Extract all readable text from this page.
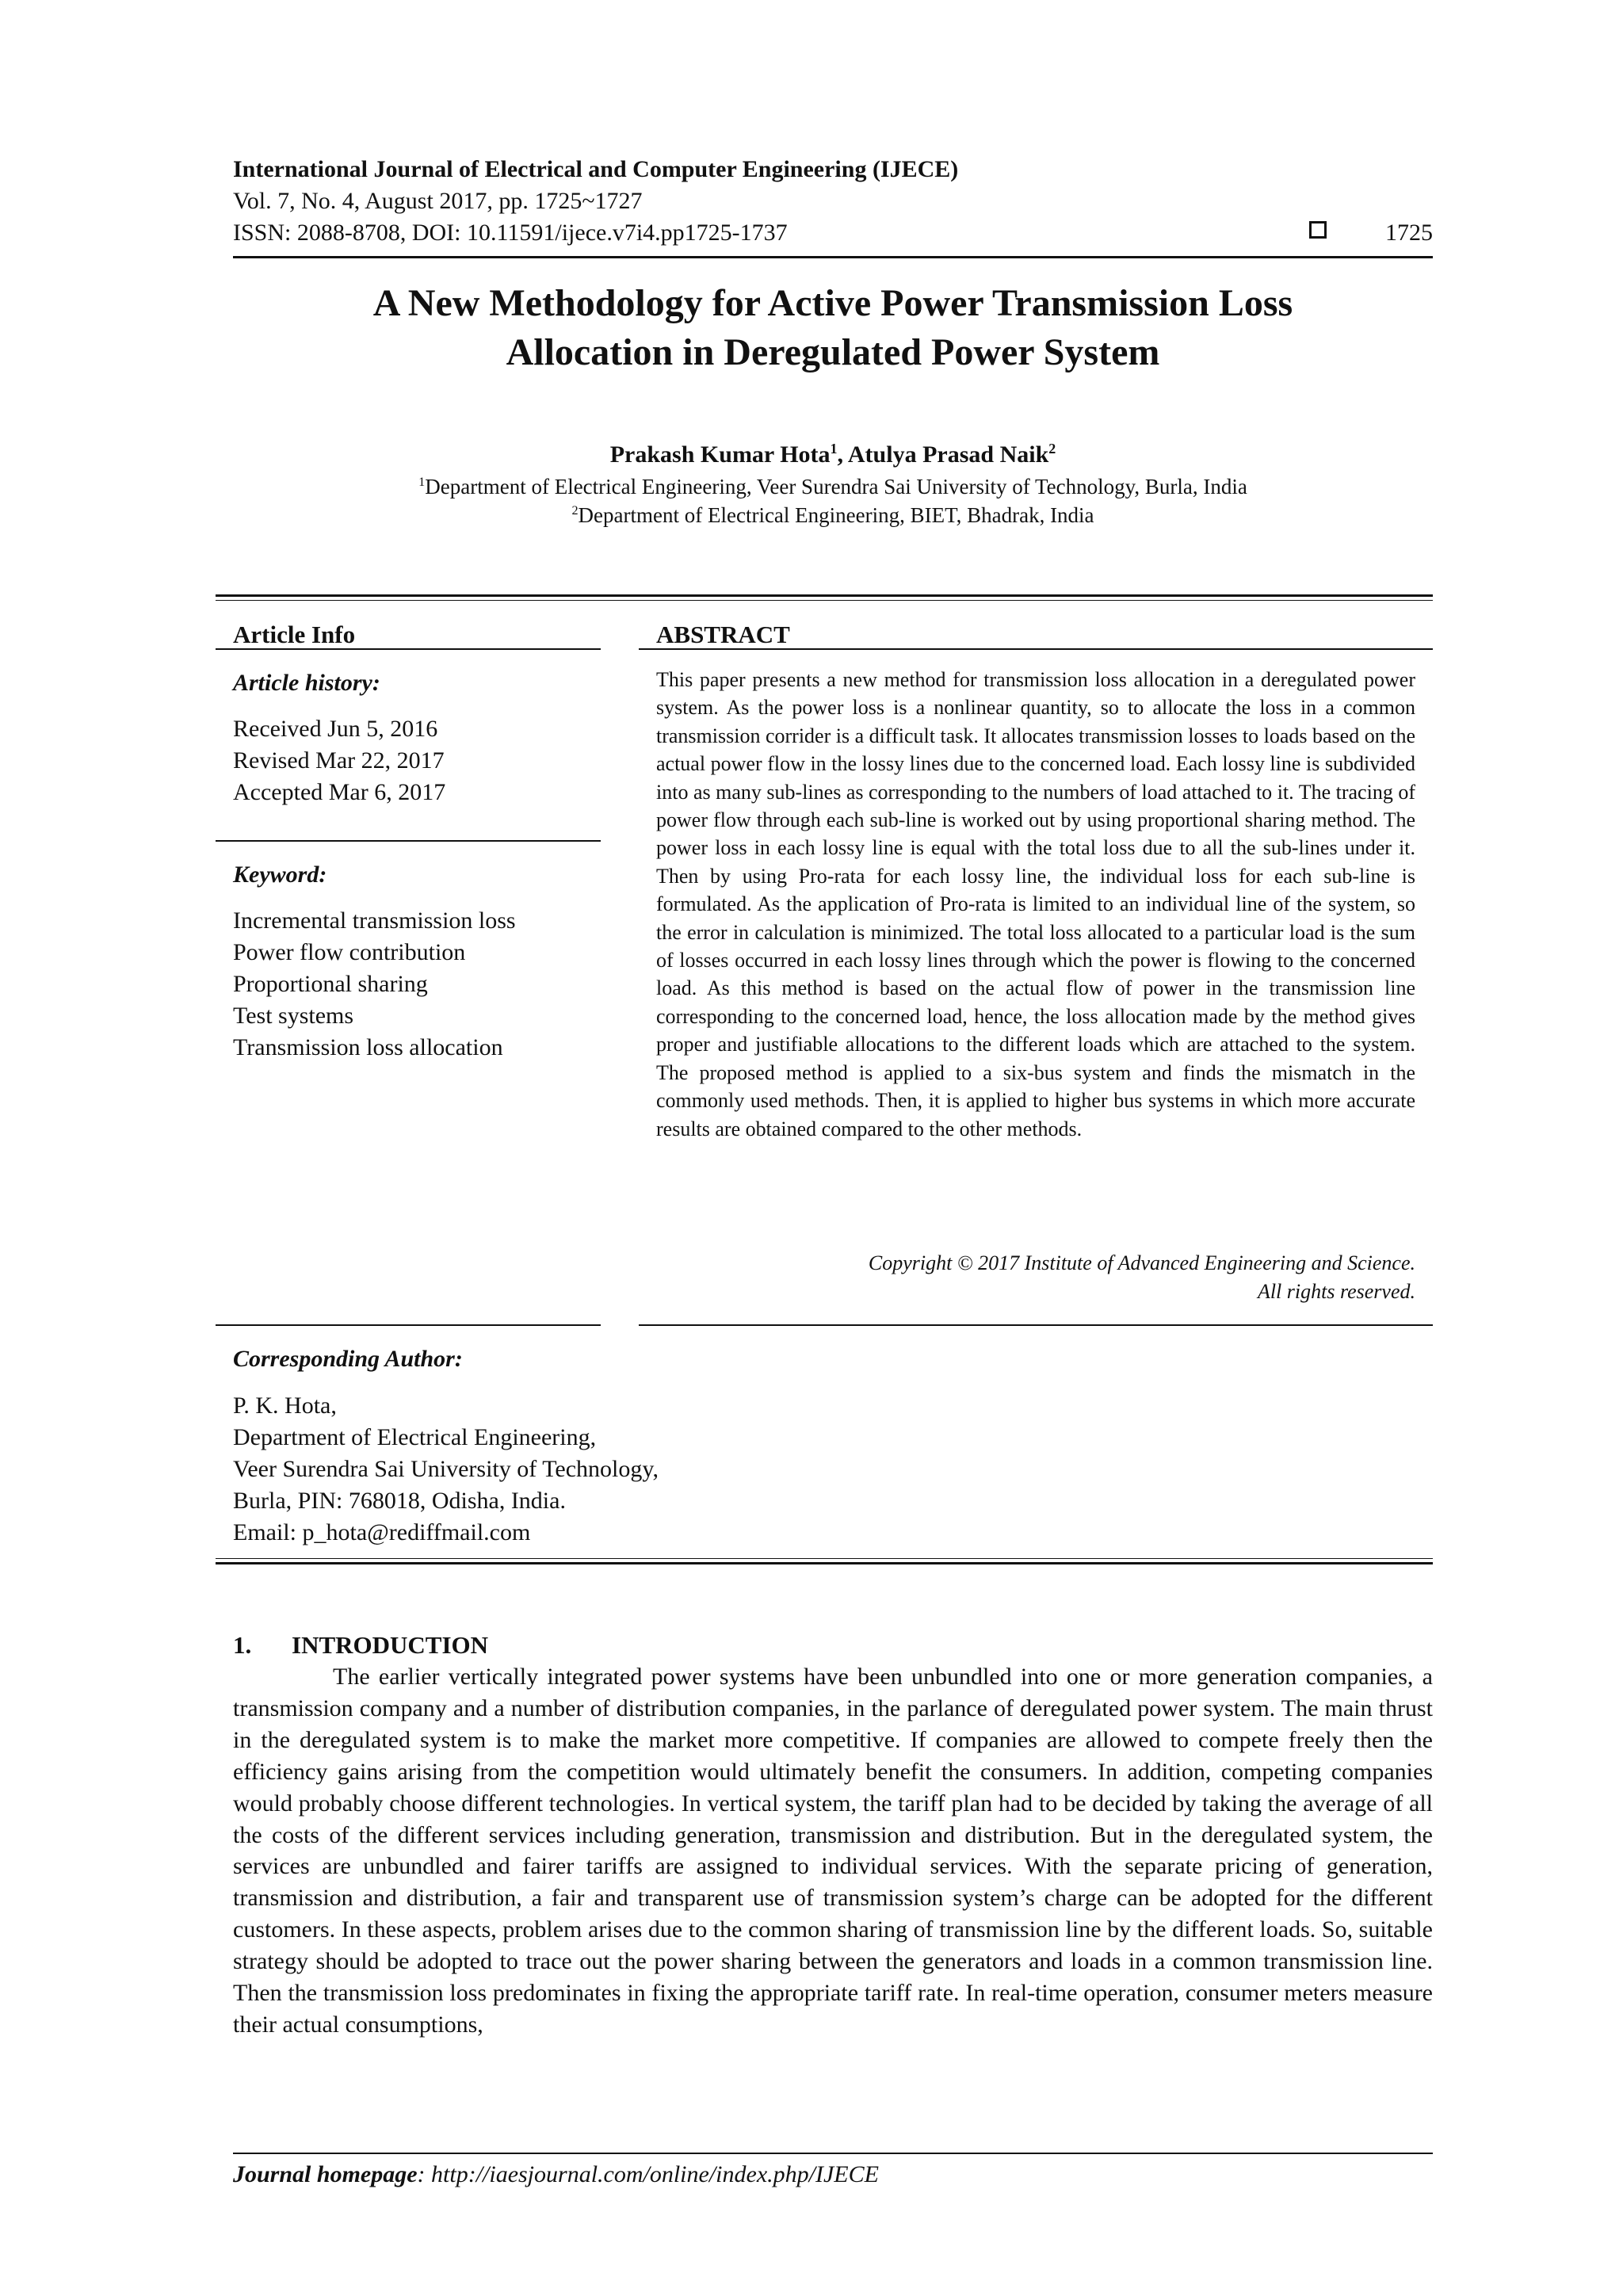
International Journal of Electrical and Computer Engineering (IJECE)
Vol. 7, No. 4, August 2017, pp. 1725~1727
ISSN: 2088-8708, DOI: 10.11591/ijece.v7i4.pp1725-1737	1725
A New Methodology for Active Power Transmission Loss
Allocation in Deregulated Power System
Prakash Kumar Hota$^1$, Atulya Prasad Naik$^2$
$^1$Department of Electrical Engineering, Veer Surendra Sai University of Technology, Burla, India
$^2$Department of Electrical Engineering, BIET, Bhadrak, India
Article Info
Article history:
Received Jun 5, 2016
Revised Mar 22, 2017
Accepted Mar 6, 2017
Keyword:
Incremental transmission loss
Power flow contribution
Proportional sharing
Test systems
Transmission loss allocation
ABSTRACT
This paper presents a new method for transmission loss allocation in a deregulated power system. As the power loss is a nonlinear quantity, so to allocate the loss in a common transmission corrider is a difficult task. It allocates transmission losses to loads based on the actual power flow in the lossy lines due to the concerned load. Each lossy line is subdivided into as many sub-lines as corresponding to the numbers of load attached to it. The tracing of power flow through each sub-line is worked out by using proportional sharing method. The power loss in each lossy line is equal with the total loss due to all the sub-lines under it. Then by using Pro-rata for each lossy line, the individual loss for each sub-line is formulated. As the application of Pro-rata is limited to an individual line of the system, so the error in calculation is minimized. The total loss allocated to a particular load is the sum of losses occurred in each lossy lines through which the power is flowing to the concerned load. As this method is based on the actual flow of power in the transmission line corresponding to the concerned load, hence, the loss allocation made by the method gives proper and justifiable allocations to the different loads which are attached to the system. The proposed method is applied to a six-bus system and finds the mismatch in the commonly used methods. Then, it is applied to higher bus systems in which more accurate results are obtained compared to the other methods.
Copyright © 2017 Institute of Advanced Engineering and Science.
All rights reserved.
Corresponding Author:
P. K. Hota,
Department of Electrical Engineering,
Veer Surendra Sai University of Technology,
Burla, PIN: 768018, Odisha, India.
Email: p_hota@rediffmail.com
1. INTRODUCTION

The earlier vertically integrated power systems have been unbundled into one or more generation companies, a transmission company and a number of distribution companies, in the parlance of deregulated power system. The main thrust in the deregulated system is to make the market more competitive. If companies are allowed to compete freely then the efficiency gains arising from the competition would ultimately benefit the consumers. In addition, competing companies would probably choose different technologies. In vertical system, the tariff plan had to be decided by taking the average of all the costs of the different services including generation, transmission and distribution. But in the deregulated system, the services are unbundled and fairer tariffs are assigned to individual services. With the separate pricing of generation, transmission and distribution, a fair and transparent use of transmission system’s charge can be adopted for the different customers. In these aspects, problem arises due to the common sharing of transmission line by the different loads. So, suitable strategy should be adopted to trace out the power sharing between the generators and loads in a common transmission line. Then the transmission loss predominates in fixing the appropriate tariff rate. In real-time operation, consumer meters measure their actual consumptions,

Journal homepage: http://iaesjournal.com/online/index.php/IJECE
